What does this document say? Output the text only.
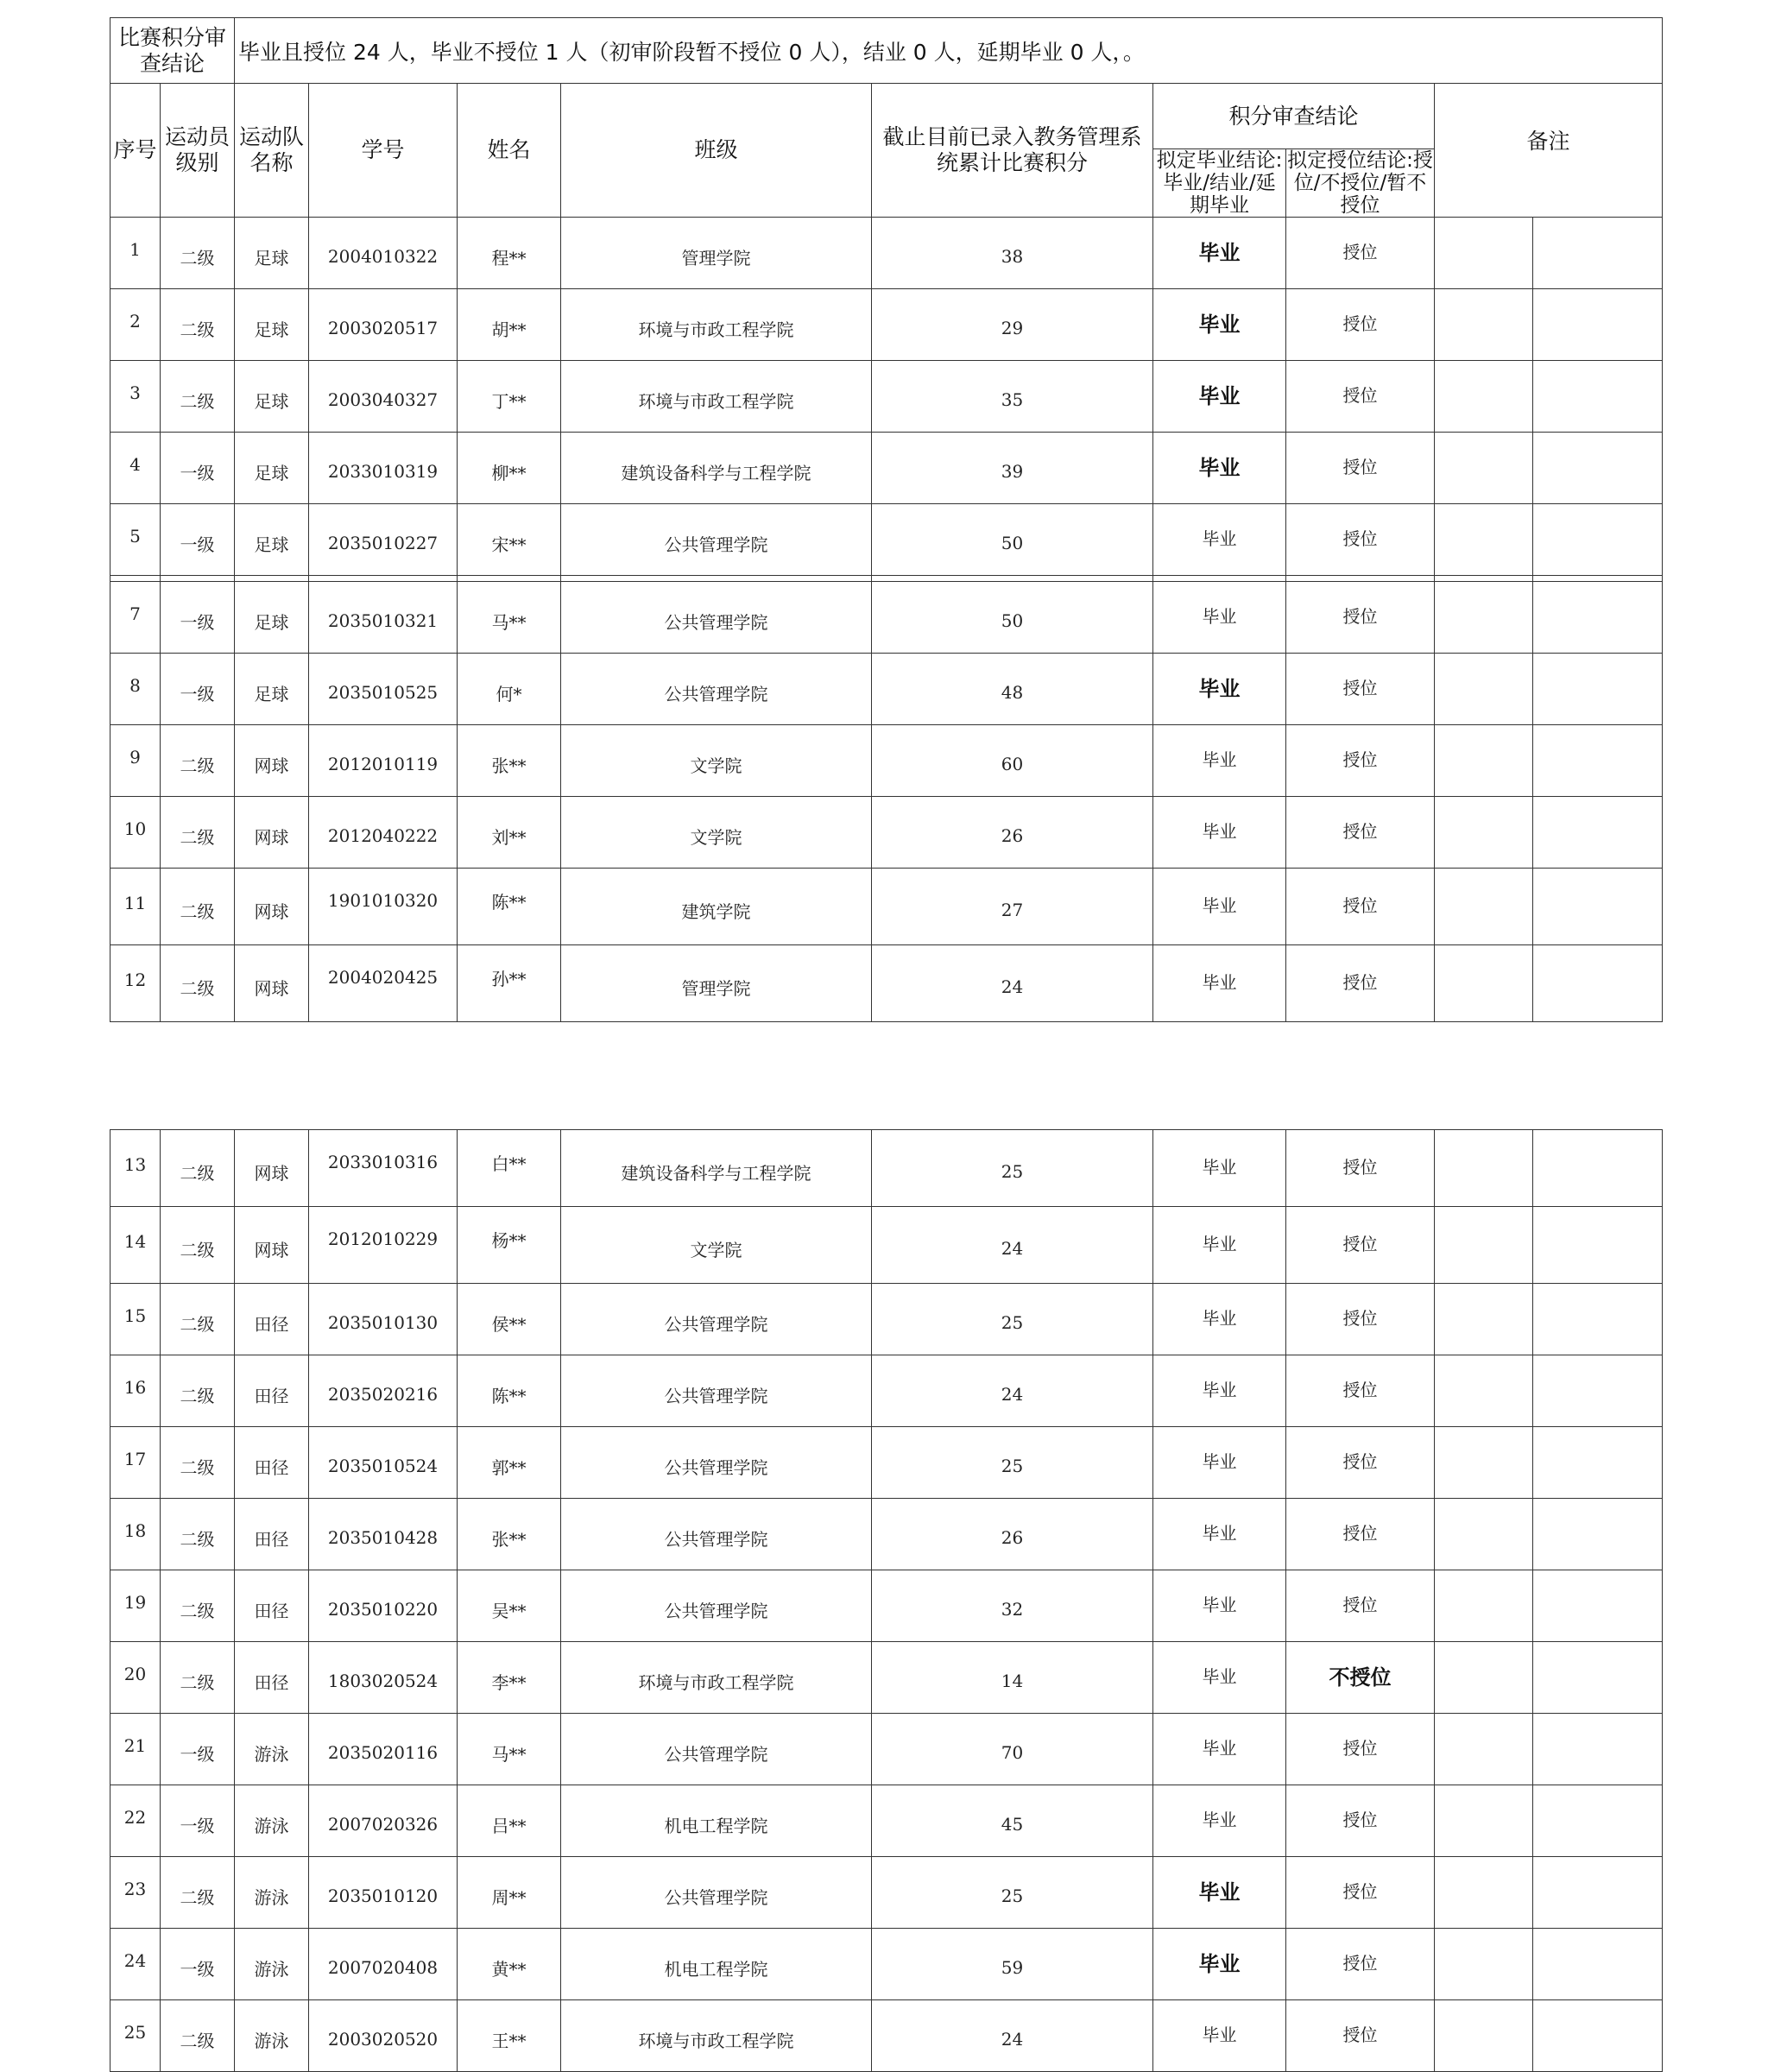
比赛积分审查结论		毕业且授位 24 人，毕业不授位 1 人（初审阶段暂不授位 0 人），结业 0 人，延期毕业 0 人，。								
序号	运动员级别	运动队名称	学号	姓名	班级	截止目前已录入教务管理系统累计比赛积分	积分审查结论		备注	
							拟定毕业结论:毕业/结业/延期毕业	拟定授位结论:授位/不授位/暂不授位		
1	二级	足球	2004010322	程**	管理学院	38	毕业	授位		
2	二级	足球	2003020517	胡**	环境与市政工程学院	29	毕业	授位		
3	二级	足球	2003040327	丁**	环境与市政工程学院	35	毕业	授位		
4	一级	足球	2033010319	柳**	建筑设备科学与工程学院	39	毕业	授位		
5	一级	足球	2035010227	宋**	公共管理学院	50	毕业	授位		

7	一级	足球	2035010321	马**	公共管理学院	50	毕业	授位		
8	一级	足球	2035010525	何*	公共管理学院	48	毕业	授位		
9	二级	网球	2012010119	张**	文学院	60	毕业	授位		
10	二级	网球	2012040222	刘**	文学院	26	毕业	授位		
11	二级	网球	1901010320	陈**	建筑学院	27	毕业	授位		
12	二级	网球	2004020425	孙**	管理学院	24	毕业	授位		
13	二级	网球	2033010316	白**	建筑设备科学与工程学院	25	毕业	授位		
14	二级	网球	2012010229	杨**	文学院	24	毕业	授位		
15	二级	田径	2035010130	侯**	公共管理学院	25	毕业	授位		
16	二级	田径	2035020216	陈**	公共管理学院	24	毕业	授位		
17	二级	田径	2035010524	郭**	公共管理学院	25	毕业	授位		
18	二级	田径	2035010428	张**	公共管理学院	26	毕业	授位		
19	二级	田径	2035010220	吴**	公共管理学院	32	毕业	授位		
20	二级	田径	1803020524	李**	环境与市政工程学院	14	毕业	不授位		
21	一级	游泳	2035020116	马**	公共管理学院	70	毕业	授位		
22	一级	游泳	2007020326	吕**	机电工程学院	45	毕业	授位		
23	二级	游泳	2035010120	周**	公共管理学院	25	毕业	授位		
24	一级	游泳	2007020408	黄**	机电工程学院	59	毕业	授位		
25	二级	游泳	2003020520	王**	环境与市政工程学院	24	毕业	授位		
